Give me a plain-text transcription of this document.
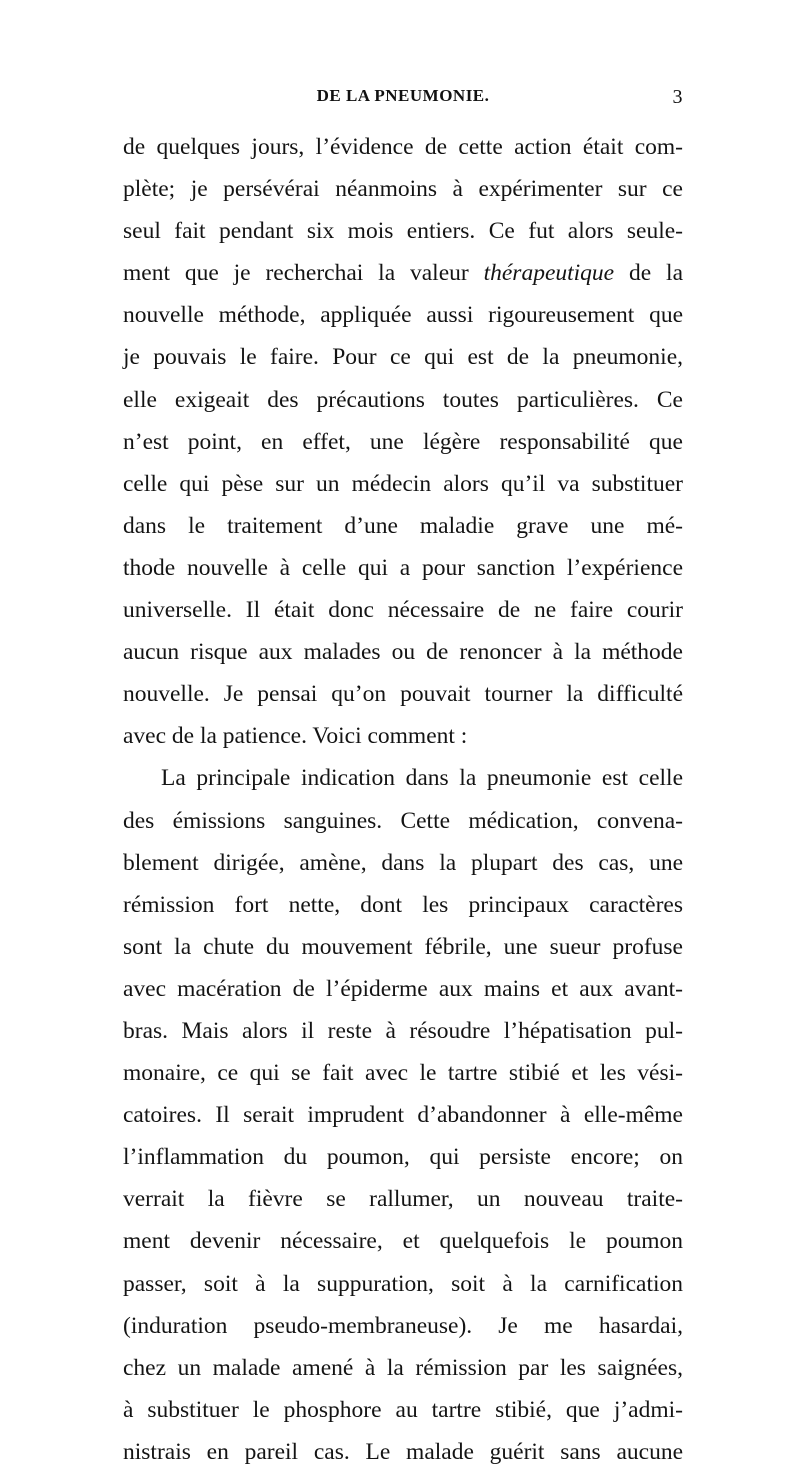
DE LA PNEUMONIE.	3
de quelques jours, l’évidence de cette action était com-
plète; je persévérai néanmoins à expérimenter sur ce
seul fait pendant six mois entiers. Ce fut alors seule-
ment que je recherchai la valeur thérapeutique de la
nouvelle méthode, appliquée aussi rigoureusement que
je pouvais le faire. Pour ce qui est de la pneumonie,
elle exigeait des précautions toutes particulières. Ce
n’est point, en effet, une légère responsabilité que
celle qui pèse sur un médecin alors qu’il va substituer
dans le traitement d’une maladie grave une mé-
thode nouvelle à celle qui a pour sanction l’expérience
universelle. Il était donc nécessaire de ne faire courir
aucun risque aux malades ou de renoncer à la méthode
nouvelle. Je pensai qu’on pouvait tourner la difficulté
avec de la patience. Voici comment :
La principale indication dans la pneumonie est celle
des émissions sanguines. Cette médication, convena-
blement dirigée, amène, dans la plupart des cas, une
rémission fort nette, dont les principaux caractères
sont la chute du mouvement fébrile, une sueur profuse
avec macération de l’épiderme aux mains et aux avant-
bras. Mais alors il reste à résoudre l’hépatisation pul-
monaire, ce qui se fait avec le tartre stibié et les vési-
catoires. Il serait imprudent d’abandonner à elle-même
l’inflammation du poumon, qui persiste encore; on
verrait la fièvre se rallumer, un nouveau traite-
ment devenir nécessaire, et quelquefois le poumon
passer, soit à la suppuration, soit à la carnification
(induration pseudo-membraneuse). Je me hasardai,
chez un malade amené à la rémission par les saignées,
à substituer le phosphore au tartre stibié, que j’admi-
nistrais en pareil cas. Le malade guérit sans aucune
